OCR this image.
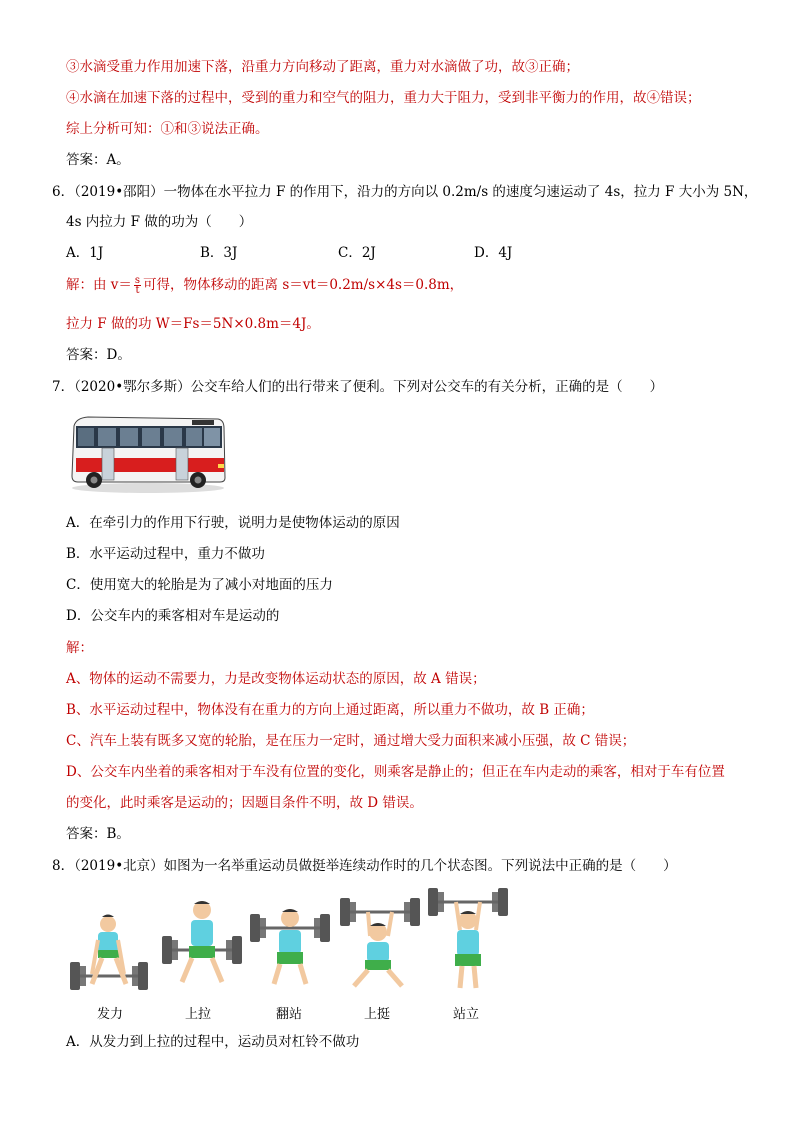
③水滴受重力作用加速下落，沿重力方向移动了距离，重力对水滴做了功，故③正确；
④水滴在加速下落的过程中，受到的重力和空气的阻力，重力大于阻力，受到非平衡力的作用，故④错误；
综上分析可知：①和③说法正确。
答案：A。
6．（2019•邵阳）一物体在水平拉力 F 的作用下，沿力的方向以 0.2m/s 的速度匀速运动了 4s，拉力 F 大小为 5N，
4s 内拉力 F 做的功为（　　）
A．1J	B．3J	C．2J	D．4J
解：由 $v= \frac{s}{t}$ 可得，物体移动的距离 s＝vt＝0.2m/s×4s＝0.8m，
拉力 F 做的功 W＝Fs＝5N×0.8m＝4J。
答案：D。
7．（2020•鄂尔多斯）公交车给人们的出行带来了便利。下列对公交车的有关分析，正确的是（　　）
A．在牵引力的作用下行驶，说明力是使物体运动的原因
B．水平运动过程中，重力不做功
C．使用宽大的轮胎是为了减小对地面的压力
D．公交车内的乘客相对车是运动的
解：
A、物体的运动不需要力，力是改变物体运动状态的原因，故 A 错误；
B、水平运动过程中，物体没有在重力的方向上通过距离，所以重力不做功，故 B 正确；
C、汽车上装有既多又宽的轮胎，是在压力一定时，通过增大受力面积来减小压强，故 C 错误；
D、公交车内坐着的乘客相对于车没有位置的变化，则乘客是静止的；但正在车内走动的乘客，相对于车有位置
的变化，此时乘客是运动的；因题目条件不明，故 D 错误。
答案：B。
8．（2019•北京）如图为一名举重运动员做挺举连续动作时的几个状态图。下列说法中正确的是（　　）
发力	上拉	翻站	上挺	站立
A．从发力到上拉的过程中，运动员对杠铃不做功
